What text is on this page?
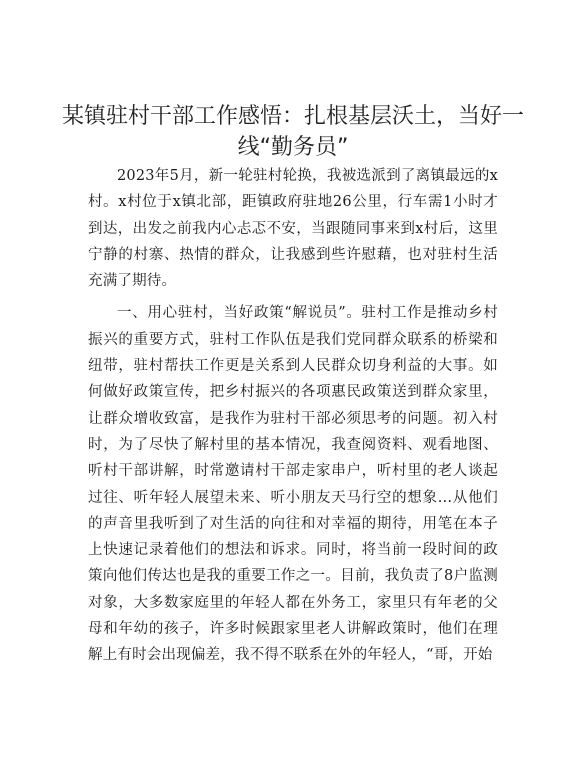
某镇驻村干部工作感悟：扎根基层沃土，当好一线“勤务员”

2023年5月，新一轮驻村轮换，我被选派到了离镇最远的x村。x村位于x镇北部，距镇政府驻地26公里，行车需1小时才到达，出发之前我内心忐忑不安，当跟随同事来到x村后，这里宁静的村寨、热情的群众，让我感到些许慰藉，也对驻村生活充满了期待。

一、用心驻村，当好政策“解说员”。驻村工作是推动乡村振兴的重要方式，驻村工作队伍是我们党同群众联系的桥梁和纽带，驻村帮扶工作更是关系到人民群众切身利益的大事。如何做好政策宣传，把乡村振兴的各项惠民政策送到群众家里，让群众增收致富，是我作为驻村干部必须思考的问题。初入村时，为了尽快了解村里的基本情况，我查阅资料、观看地图、听村干部讲解，时常邀请村干部走家串户，听村里的老人谈起过往、听年轻人展望未来、听小朋友天马行空的想象…从他们的声音里我听到了对生活的向往和对幸福的期待，用笔在本子上快速记录着他们的想法和诉求。同时，将当前一段时间的政策向他们传达也是我的重要工作之一。目前，我负责了8户监测对象，大多数家庭里的年轻人都在外务工，家里只有年老的父母和年幼的孩子，许多时候跟家里老人讲解政策时，他们在理解上有时会出现偏差，我不得不联系在外的年轻人，“哥，开始
